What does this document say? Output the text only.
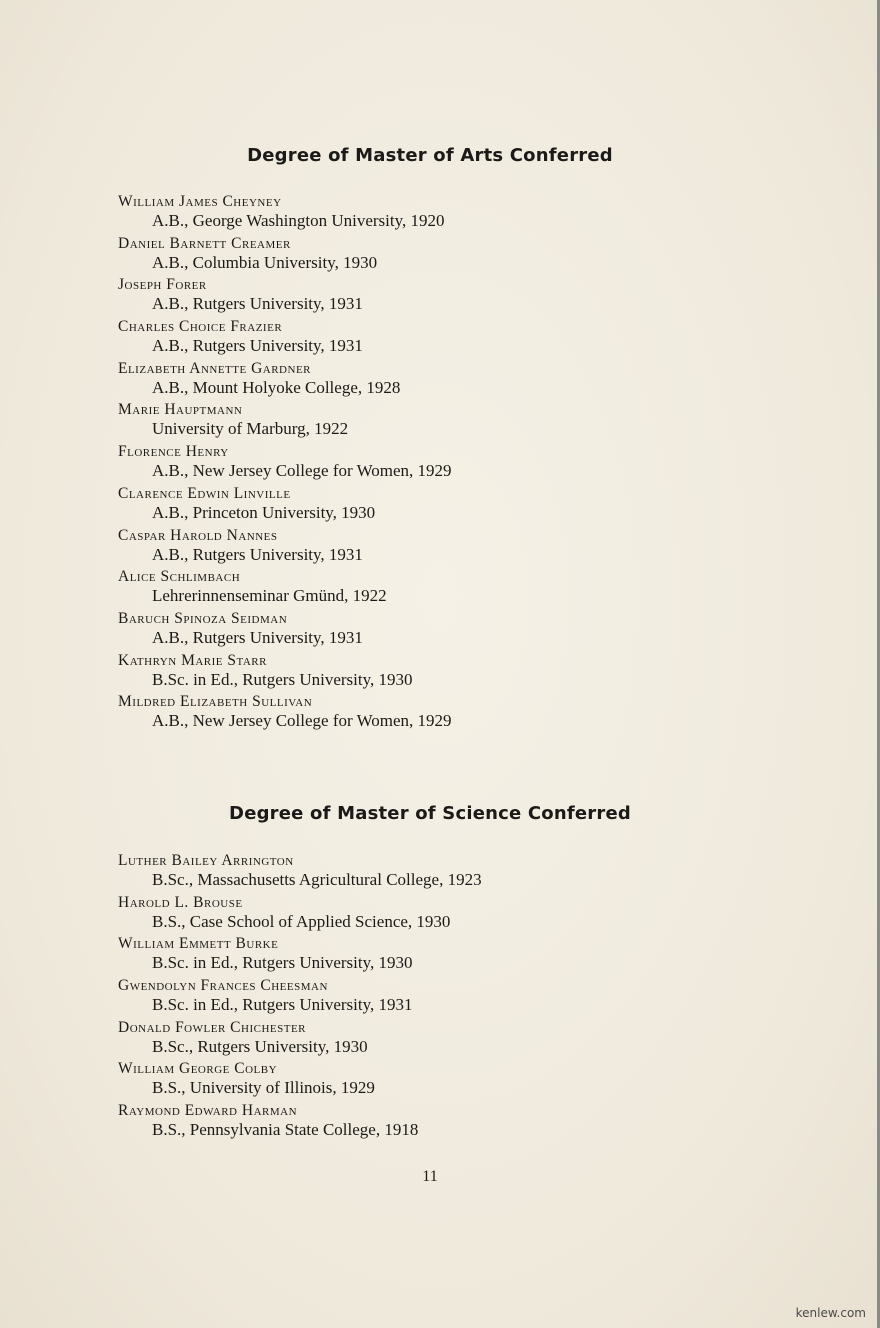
Degree of Master of Arts Conferred
William James Cheyney
A.B., George Washington University, 1920
Daniel Barnett Creamer
A.B., Columbia University, 1930
Joseph Forer
A.B., Rutgers University, 1931
Charles Choice Frazier
A.B., Rutgers University, 1931
Elizabeth Annette Gardner
A.B., Mount Holyoke College, 1928
Marie Hauptmann
University of Marburg, 1922
Florence Henry
A.B., New Jersey College for Women, 1929
Clarence Edwin Linville
A.B., Princeton University, 1930
Caspar Harold Nannes
A.B., Rutgers University, 1931
Alice Schlimbach
Lehrerinnenseminar Gmünd, 1922
Baruch Spinoza Seidman
A.B., Rutgers University, 1931
Kathryn Marie Starr
B.Sc. in Ed., Rutgers University, 1930
Mildred Elizabeth Sullivan
A.B., New Jersey College for Women, 1929
Degree of Master of Science Conferred
Luther Bailey Arrington
B.Sc., Massachusetts Agricultural College, 1923
Harold L. Brouse
B.S., Case School of Applied Science, 1930
William Emmett Burke
B.Sc. in Ed., Rutgers University, 1930
Gwendolyn Frances Cheesman
B.Sc. in Ed., Rutgers University, 1931
Donald Fowler Chichester
B.Sc., Rutgers University, 1930
William George Colby
B.S., University of Illinois, 1929
Raymond Edward Harman
B.S., Pennsylvania State College, 1918
11
kenlew.com
